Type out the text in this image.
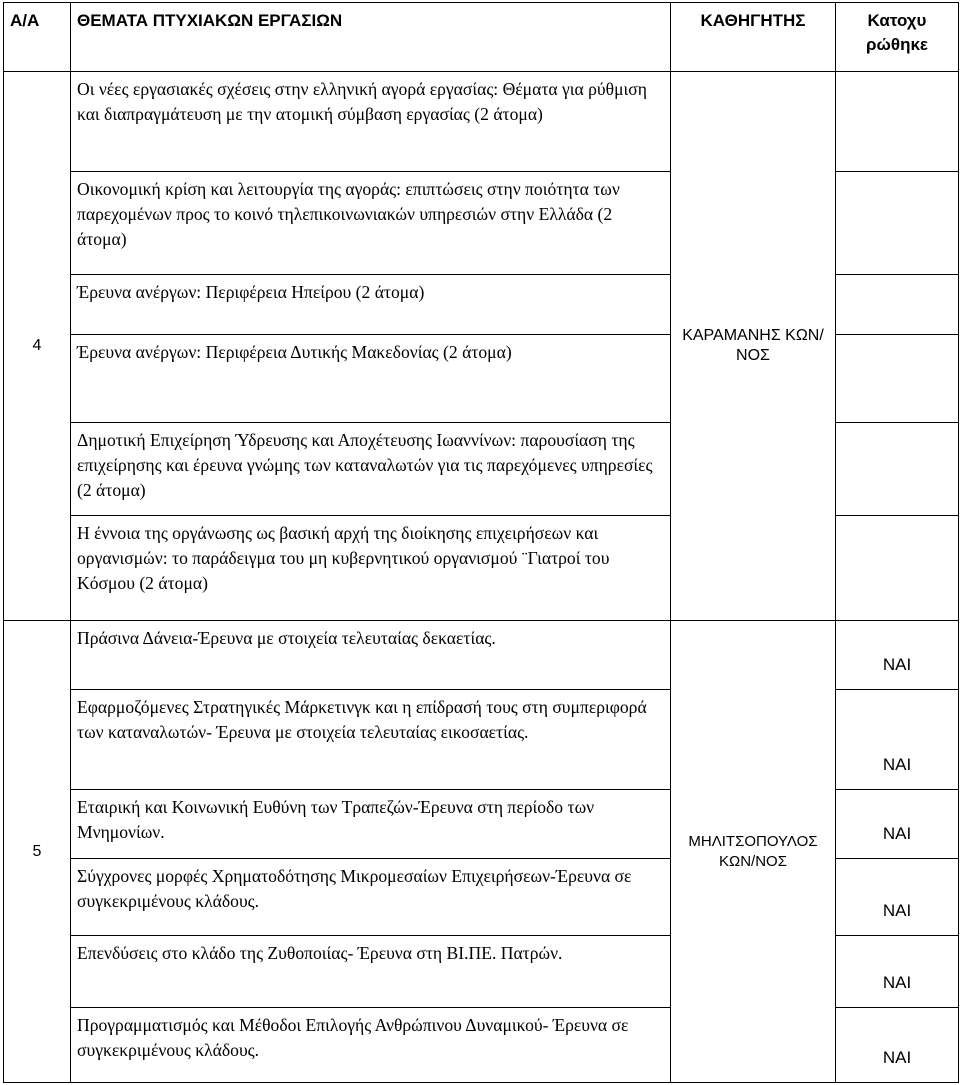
Α/Α	ΘΕΜΑΤΑ ΠΤΥΧΙΑΚΩΝ ΕΡΓΑΣΙΩΝ	ΚΑΘΗΓΗΤΗΣ	Κατοχυ ρώθηκε

4	Οι νέες εργασιακές σχέσεις στην ελληνική αγορά εργασίας: Θέματα για ρύθμιση και διαπραγμάτευση με την ατομική σύμβαση εργασίας (2 άτομα)	ΚΑΡΑΜΑΝΗΣ ΚΩΝ/ΝΟΣ	
	Οικονομική κρίση και λειτουργία της αγοράς: επιπτώσεις στην ποιότητα των παρεχομένων προς το κοινό τηλεπικοινωνιακών υπηρεσιών στην Ελλάδα (2 άτομα)		
	Έρευνα ανέργων: Περιφέρεια Ηπείρου (2 άτομα)		
	Έρευνα ανέργων: Περιφέρεια Δυτικής Μακεδονίας (2 άτομα)		
	Δημοτική Επιχείρηση Ύδρευσης και Αποχέτευσης Ιωαννίνων: παρουσίαση της επιχείρησης και έρευνα γνώμης των καταναλωτών για τις παρεχόμενες υπηρεσίες (2 άτομα)		
	Η έννοια της οργάνωσης ως βασική αρχή της διοίκησης επιχειρήσεων και οργανισμών: το παράδειγμα του μη κυβερνητικού οργανισμού ¨Γιατροί του Κόσμου (2 άτομα)		
5	Πράσινα Δάνεια-Έρευνα με στοιχεία τελευταίας δεκαετίας.	ΜΗΛΙΤΣΟΠΟΥΛΟΣ ΚΩΝ/ΝΟΣ	ΝΑΙ
	Εφαρμοζόμενες Στρατηγικές Μάρκετινγκ και η επίδρασή τους στη συμπεριφορά των καταναλωτών- Έρευνα με στοιχεία τελευταίας εικοσαετίας.		ΝΑΙ
	Εταιρική και Κοινωνική Ευθύνη των Τραπεζών-Έρευνα στη περίοδο των Μνημονίων.		ΝΑΙ
	Σύγχρονες μορφές Χρηματοδότησης Μικρομεσαίων Επιχειρήσεων-Έρευνα σε συγκεκριμένους κλάδους.		ΝΑΙ
	Επενδύσεις στο κλάδο της Ζυθοποιίας- Έρευνα στη ΒΙ.ΠΕ. Πατρών.		ΝΑΙ
	Προγραμματισμός και Μέθοδοι Επιλογής Ανθρώπινου Δυναμικού- Έρευνα σε συγκεκριμένους κλάδους.		ΝΑΙ
